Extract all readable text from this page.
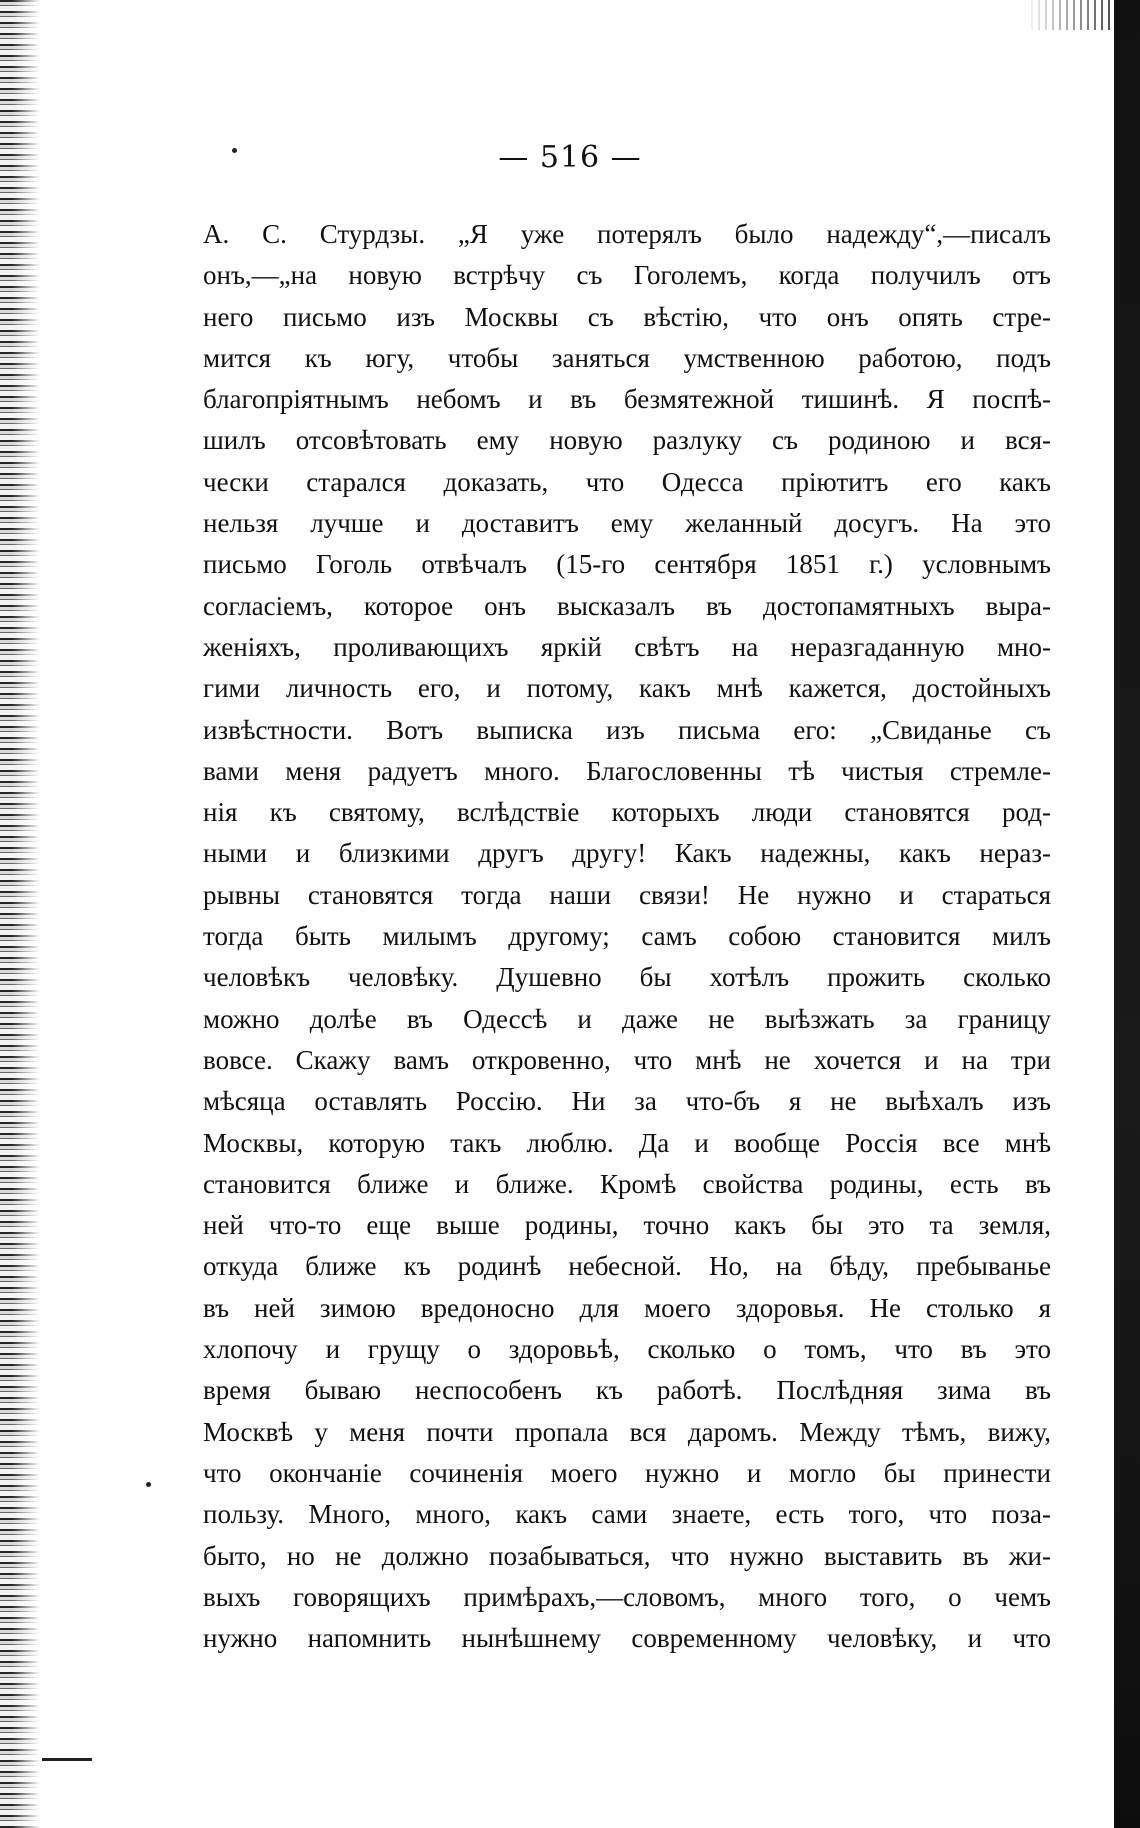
— 516 —
А. С. Стурдзы. „Я уже потерялъ было надежду“,—писалъ
онъ,—„на новую встрѣчу съ Гоголемъ, когда получилъ отъ
него письмо изъ Москвы съ вѣстію, что онъ опять стре-
мится къ югу, чтобы заняться умственною работою, подъ
благопріятнымъ небомъ и въ безмятежной тишинѣ. Я поспѣ-
шилъ отсовѣтовать ему новую разлуку съ родиною и вся-
чески старался доказать, что Одесса пріютитъ его какъ
нельзя лучше и доставитъ ему желанный досугъ. На это
письмо Гоголь отвѣчалъ (15-го сентября 1851 г.) условнымъ
согласіемъ, которое онъ высказалъ въ достопамятныхъ выра-
женіяхъ, проливающихъ яркій свѣтъ на неразгаданную мно-
гими личность его, и потому, какъ мнѣ кажется, достойныхъ
извѣстности. Вотъ выписка изъ письма его: „Свиданье съ
вами меня радуетъ много. Благословенны тѣ чистыя стремле-
нія къ святому, вслѣдствіе которыхъ люди становятся род-
ными и близкими другъ другу! Какъ надежны, какъ нераз-
рывны становятся тогда наши связи! Не нужно и стараться
тогда быть милымъ другому; самъ собою становится милъ
человѣкъ человѣку. Душевно бы хотѣлъ прожить сколько
можно долѣе въ Одессѣ и даже не выѣзжать за границу
вовсе. Скажу вамъ откровенно, что мнѣ не хочется и на три
мѣсяца оставлять Россію. Ни за что-бъ я не выѣхалъ изъ
Москвы, которую такъ люблю. Да и вообще Россія все мнѣ
становится ближе и ближе. Кромѣ свойства родины, есть въ
ней что-то еще выше родины, точно какъ бы это та земля,
откуда ближе къ родинѣ небесной. Но, на бѣду, пребыванье
въ ней зимою вредоносно для моего здоровья. Не столько я
хлопочу и грущу о здоровьѣ, сколько о томъ, что въ это
время бываю неспособенъ къ работѣ. Послѣдняя зима въ
Москвѣ у меня почти пропала вся даромъ. Между тѣмъ, вижу,
что окончаніе сочиненія моего нужно и могло бы принести
пользу. Много, много, какъ сами знаете, есть того, что поза-
быто, но не должно позабываться, что нужно выставить въ жи-
выхъ говорящихъ примѣрахъ,—словомъ, много того, о чемъ
нужно напомнить нынѣшнему современному человѣку, и что
